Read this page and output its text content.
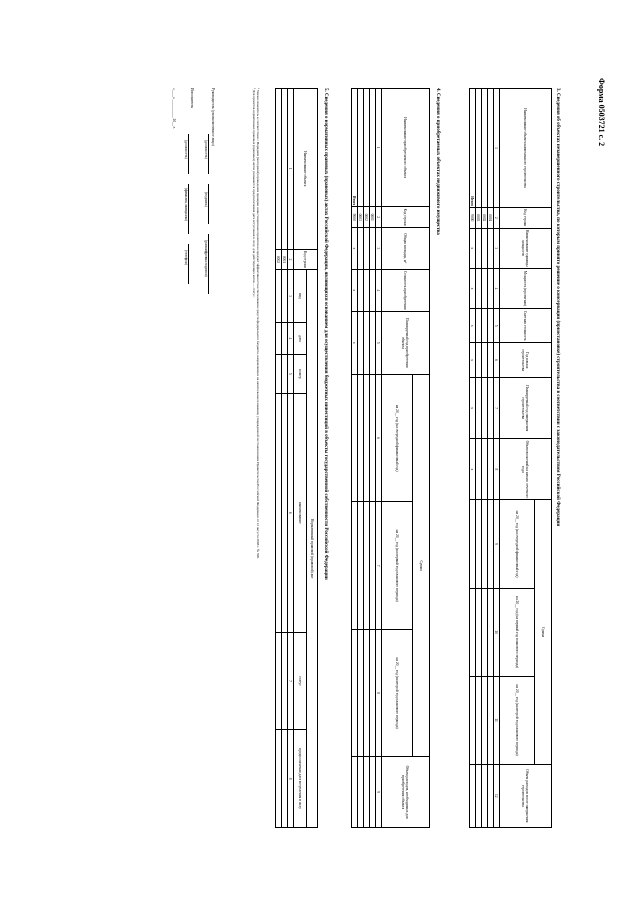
Форма 0503721 с. 2
3. Сведения об объектах незавершенного строительства, по которым принято решение о консервации (приостановке) строительства в соответствии с законодательством Российской Федерации
Наименование объекта капитального строительства	Код строки	Наименование единицы мощности	Мощность (проектная)	Сметная стоимость	Год начала строительства	Планируемый год завершения строительства	Объем вложений на начало отчетного года	Сумма			Объем расходов после завершения строительства
								на 20__ год (на очередной финансовый год)	на 20__ год (на первый год планового периода)	на 20__ год (на второй год планового периода)	
1	2	3	4	5	6	7	8	9	10	11	12
	0001										
	0002										
	0003										
Итого	9000	x	x	x	x	x	x				
4. Сведения о приобретаемых объектах недвижимого имущества
Наименование приобретаемого объекта	Код строки	Общая площадь, м²	Стоимость приобретения	Планируемый год приобретения объекта	Сумма			Объем расходов, необходимых для приобретения объекта
					на 20__ год (на очередной финансовый год)	на 20__ год (на первый год планового периода)	на 20__ год (на второй год планового периода)	
1	2	3	4	5	6	7	8	9
	0001							
	0002							
	0003							
Итого	9000	x	x	x				
5. Сведения о нормативных правовых (правовых) актах Российской Федерации, являющихся основанием для осуществления бюджетных инвестиций в объекты государственной собственности Российской Федерации
Наименование объекта	Код строки	Нормативный правовой (правовой) акт					
		вид	дата	номер	наименование	статус	предполагаемая дата вступления в силу
1	2	3	4	5	6	7	8
	0001						
	0002						
¹ Указан показатель в соответствии с Порядком (методикой) проведения проверки инвестиционных проектов на предмет эффективности использования средств федерального бюджета, направляемых на капитальные вложения, утвержденной постановлением Правительства Российской Федерации от 12 августа 2008 г. № 590.
² Для проектов нормативных правовых (правовых) актов указывается предполагаемая дата вступления в силу; для действующих актов — статус.
Руководитель (уполномоченное лицо)
(должность)
(подпись)
(расшифровка подписи)
Исполнитель
(должность)
(фамилия, инициалы)
(телефон)
«____» __________ 20__ г.
